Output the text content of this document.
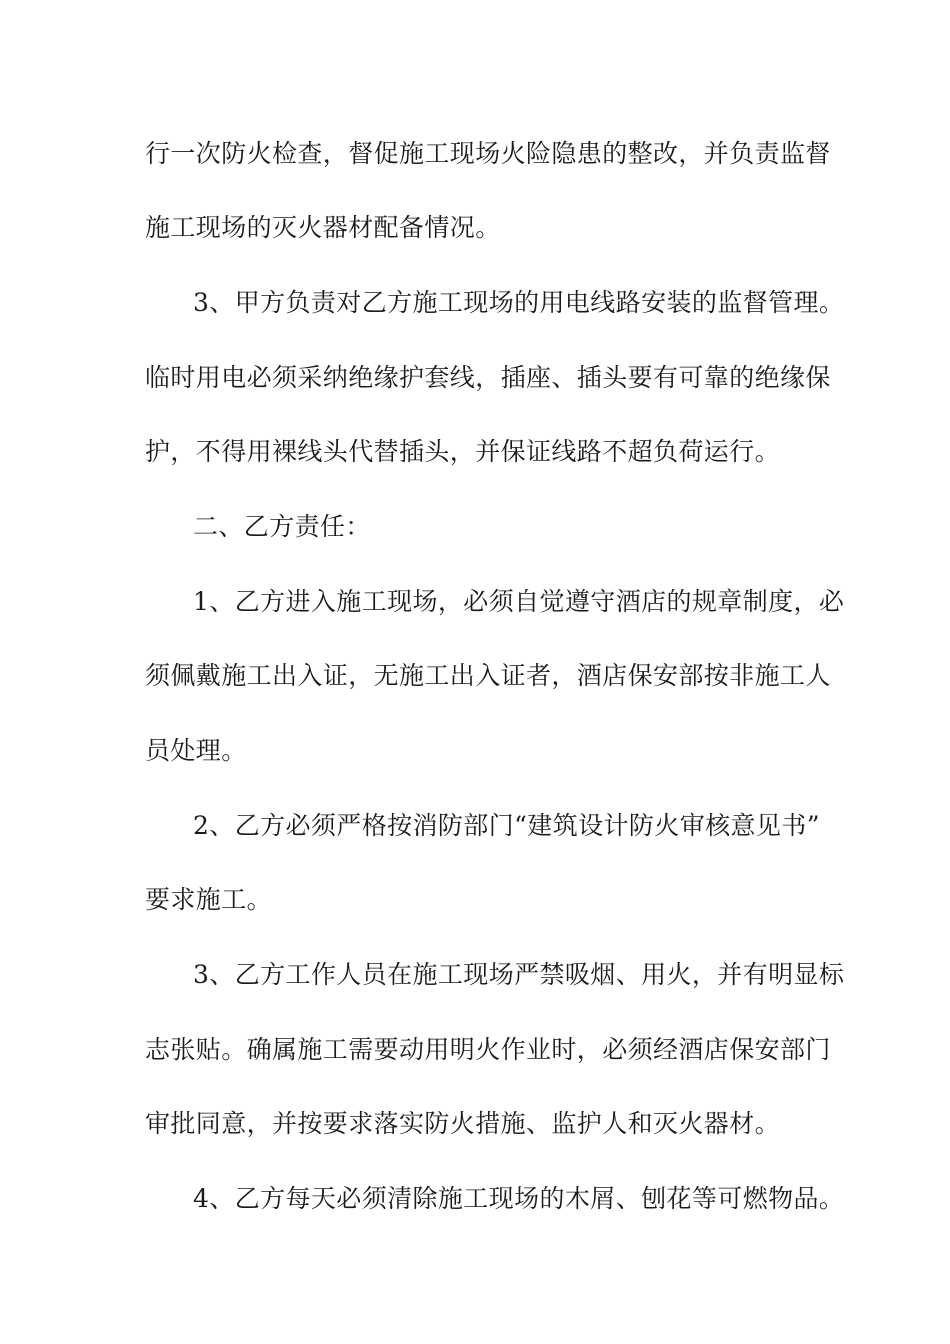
行一次防火检查，督促施工现场火险隐患的整改，并负责监督
施工现场的灭火器材配备情况。
3、甲方负责对乙方施工现场的用电线路安装的监督管理。
临时用电必须采纳绝缘护套线，插座、插头要有可靠的绝缘保
护，不得用裸线头代替插头，并保证线路不超负荷运行。
二、乙方责任：
1、乙方进入施工现场，必须自觉遵守酒店的规章制度，必
须佩戴施工出入证，无施工出入证者，酒店保安部按非施工人
员处理。
2、乙方必须严格按消防部门“建筑设计防火审核意见书”
要求施工。
3、乙方工作人员在施工现场严禁吸烟、用火，并有明显标
志张贴。确属施工需要动用明火作业时，必须经酒店保安部门
审批同意，并按要求落实防火措施、监护人和灭火器材。
4、乙方每天必须清除施工现场的木屑、刨花等可燃物品。
